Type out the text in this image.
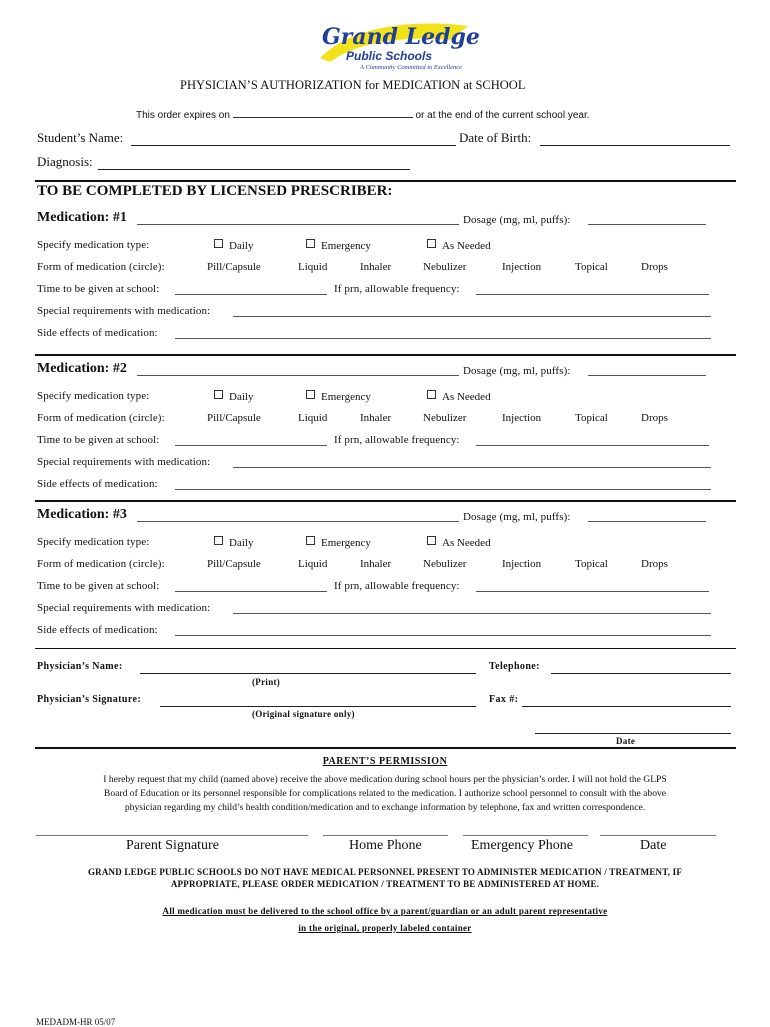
Grand Ledge
Public Schools
A Community Committed to Excellence
PHYSICIAN’S AUTHORIZATION for MEDICATION at SCHOOL
This order expires on	or at the end of the current school year.
Student’s Name:	Date of Birth:
Diagnosis:
TO BE COMPLETED BY LICENSED PRESCRIBER:
Medication: #1	Dosage (mg, ml, puffs):
Specify medication type:	Daily	Emergency	As Needed
Form of medication (circle):	Pill/Capsule	Liquid	Inhaler	Nebulizer	Injection	Topical	Drops
Time to be given at school:	If prn, allowable frequency:
Special requirements with medication:
Side effects of medication:
Medication: #2	Dosage (mg, ml, puffs):
Specify medication type:	Daily	Emergency	As Needed
Form of medication (circle):	Pill/Capsule	Liquid	Inhaler	Nebulizer	Injection	Topical	Drops
Time to be given at school:	If prn, allowable frequency:
Special requirements with medication:
Side effects of medication:
Medication: #3	Dosage (mg, ml, puffs):
Specify medication type:	Daily	Emergency	As Needed
Form of medication (circle):	Pill/Capsule	Liquid	Inhaler	Nebulizer	Injection	Topical	Drops
Time to be given at school:	If prn, allowable frequency:
Special requirements with medication:
Side effects of medication:
Physician’s Name:	Telephone:
(Print)
Physician’s Signature:	Fax #:
(Original signature only)
Date
PARENT’S PERMISSION
I hereby request that my child (named above) receive the above medication during school hours per the physician’s order. I will not hold the GLPS
Board of Education or its personnel responsible for complications related to the medication. I authorize school personnel to consult with the above
physician regarding my child’s health condition/medication and to exchange information by telephone, fax and written correspondence.
Parent Signature	Home Phone	Emergency Phone	Date
GRAND LEDGE PUBLIC SCHOOLS DO NOT HAVE MEDICAL PERSONNEL PRESENT TO ADMINISTER MEDICATION / TREATMENT, IF
APPROPRIATE, PLEASE ORDER MEDICATION / TREATMENT TO BE ADMINISTERED AT HOME.
All medication must be delivered to the school office by a parent/guardian or an adult parent representative
in the original, properly labeled container
MEDADM-HR 05/07
